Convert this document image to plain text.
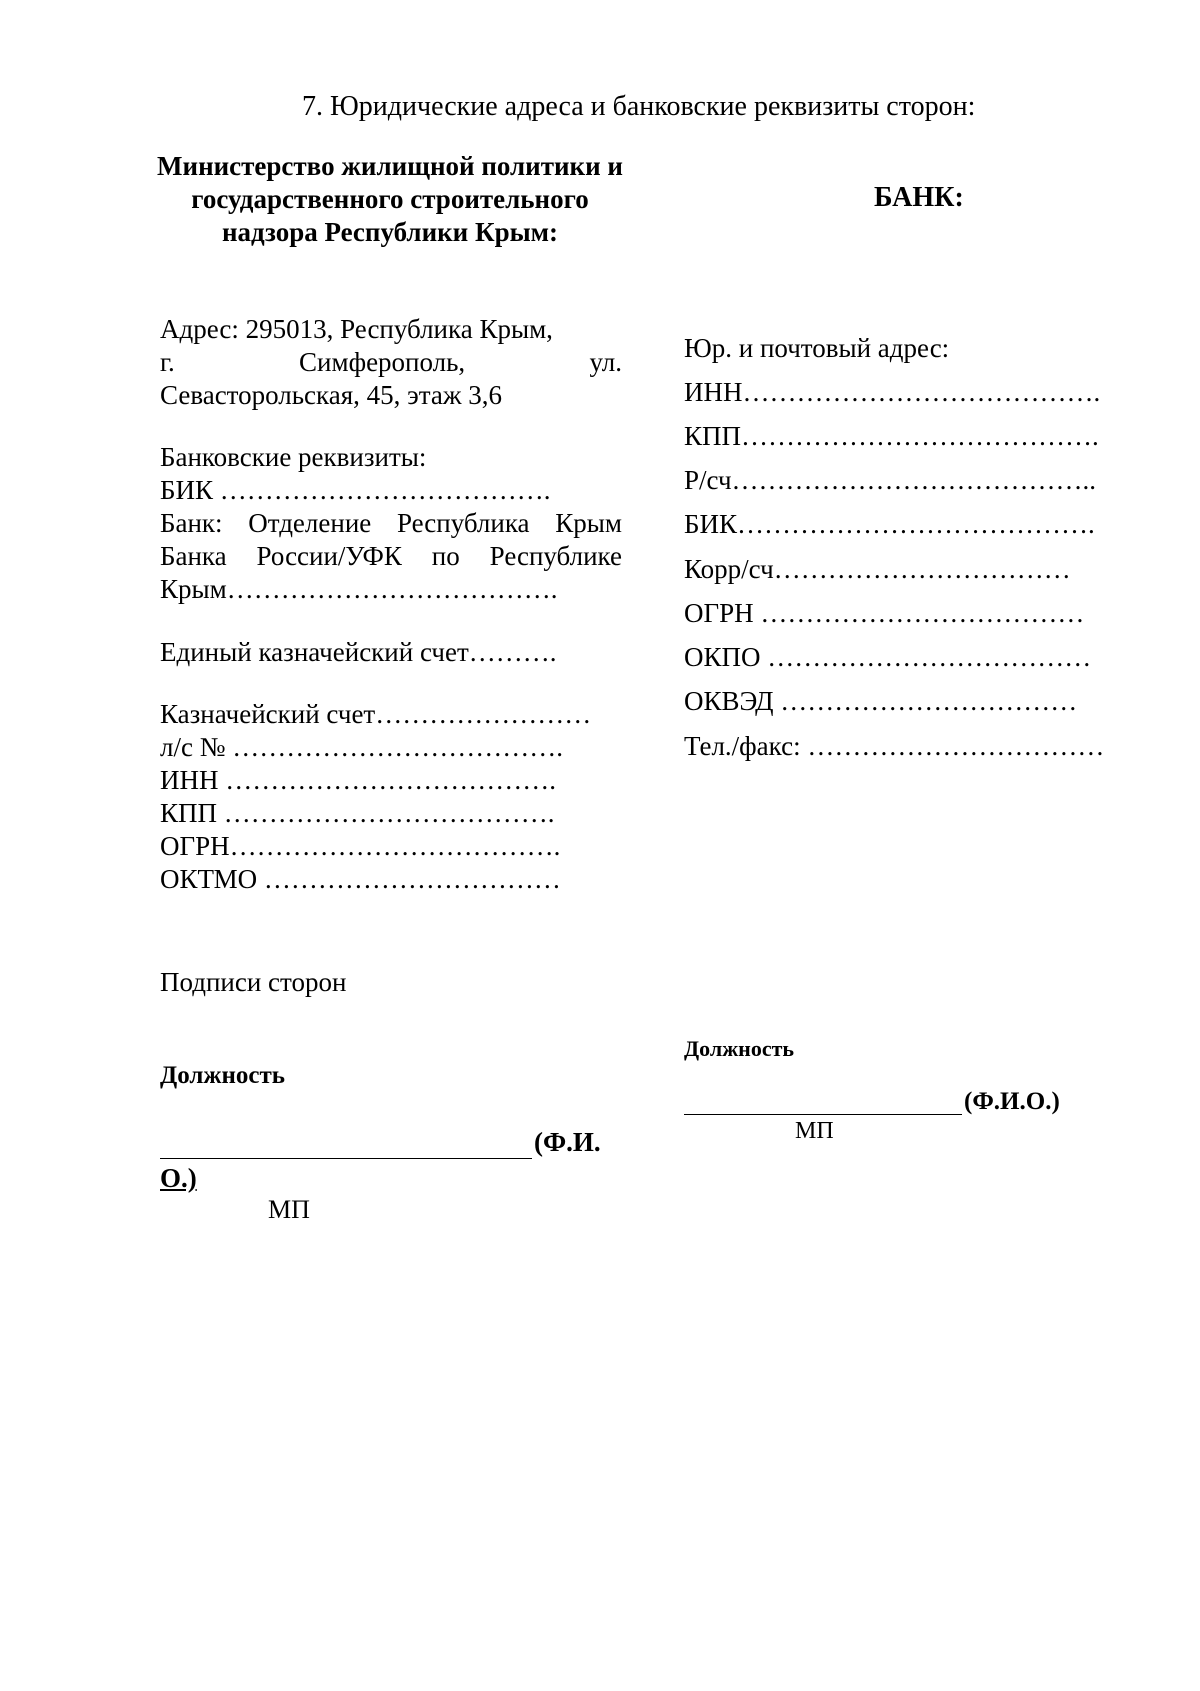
7. Юридические адреса и банковские реквизиты сторон:
Министерство жилищной политики и государственного строительного надзора Республики Крым:
Адрес: 295013, Республика Крым,
г.	Симферополь,	ул.
Севасторольская, 45, этаж 3,6
Банковские реквизиты:
БИК ……………………………….
Банк: Отделение Республика Крым
Банка России/УФК по Республике
Крым……………………………….
Единый казначейский счет……….
Казначейский счет……………………
л/с № ……………………………….
ИНН ……………………………….
КПП ……………………………….
ОГРН……………………………….
ОКТМО ……………………………
БАНК:
Юр. и почтовый адрес:
ИНН………………………………….
КПП………………………………….
Р/сч…………………………………..
БИК………………………………….
Корр/сч……………………………
ОГРН ………………………………
ОКПО ………………………………
ОКВЭД ……………………………
Тел./факс: ……………………………
Подписи сторон
Должность
(Ф.И.
О.)
МП
Должность
(Ф.И.О.)
МП
